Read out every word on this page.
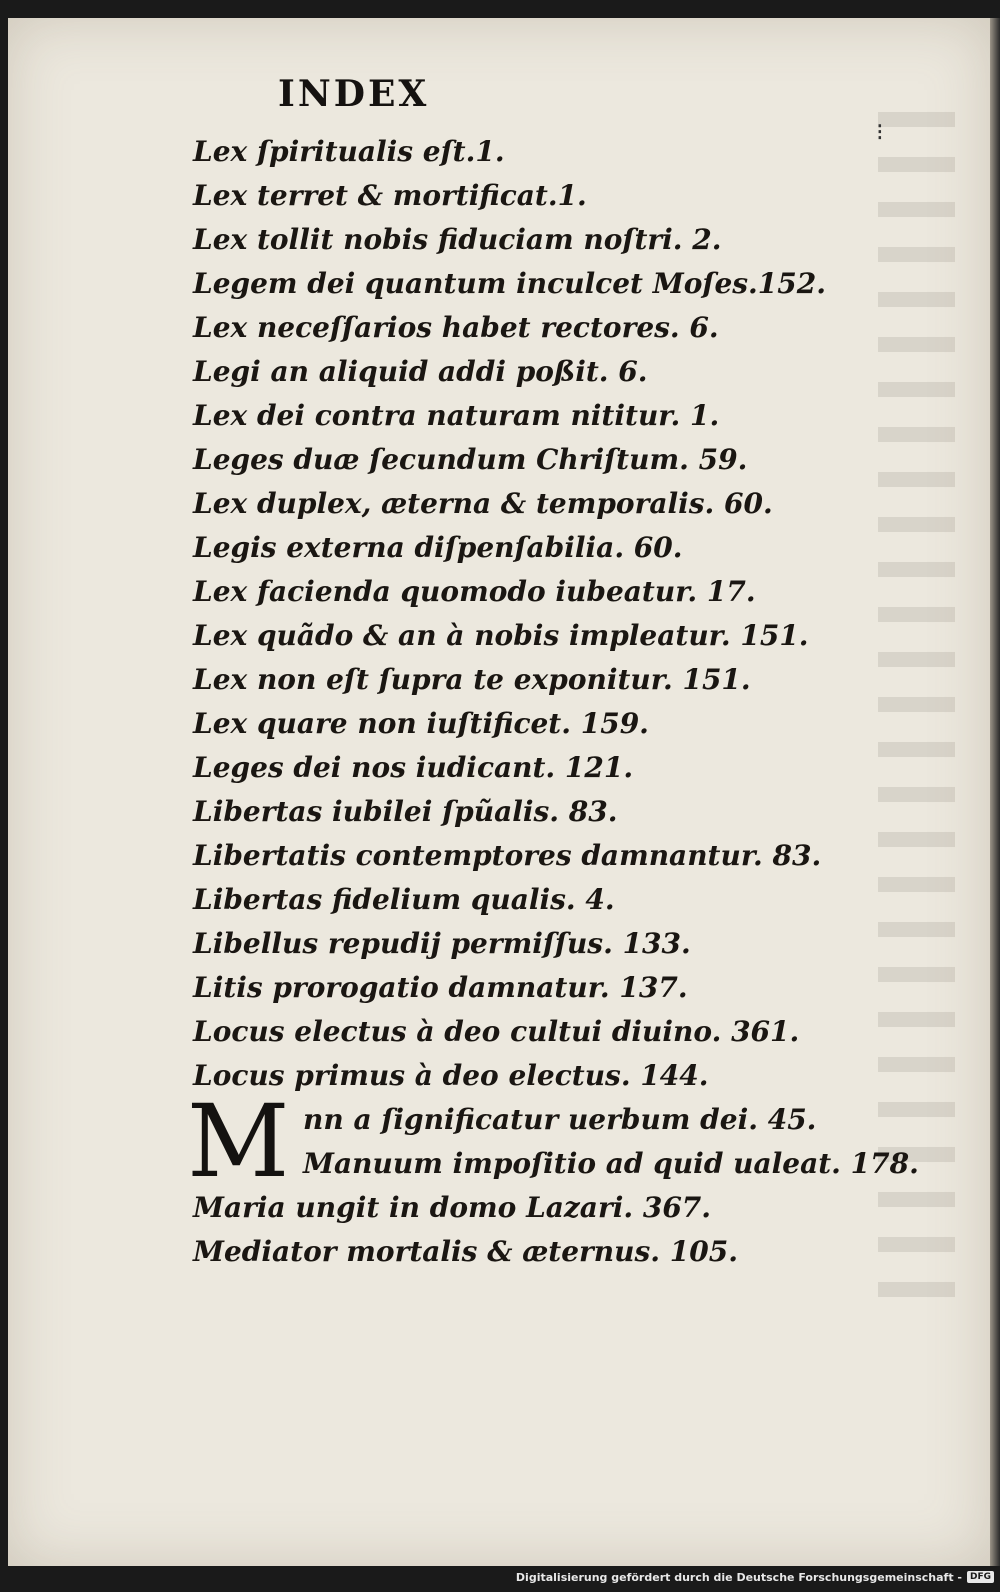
INDEX
Lex ſpiritualis eſt.1.
Lex terret & mortificat.1.
Lex tollit nobis fiduciam noſtri. 2.
Legem dei quantum inculcet Moſes.152.
Lex neceſſarios habet rectores. 6.
Legi an aliquid addi poßit. 6.
Lex dei contra naturam nititur. 1.
Leges duæ ſecundum Chriſtum. 59.
Lex duplex, æterna & temporalis. 60.
Legis externa diſpenſabilia. 60.
Lex facienda quomodo iubeatur. 17.
Lex quãdo & an à nobis impleatur. 151.
Lex non eſt ſupra te exponitur. 151.
Lex quare non iuſtificet. 159.
Leges dei nos iudicant. 121.
Libertas iubilei ſpũalis. 83.
Libertatis contemptores damnantur. 83.
Libertas fidelium qualis. 4.
Libellus repudij permiſſus. 133.
Litis prorogatio damnatur. 137.
Locus electus à deo cultui diuino. 361.
Locus primus à deo electus. 144.
M nn a ſignificatur uerbum dei. 45.
Manuum impoſitio ad quid ualeat. 178.
Maria ungit in domo Lazari. 367.
Mediator mortalis & æternus. 105.
⁝
Digitalisierung gefördert durch die Deutsche Forschungsgemeinschaft - DFG
